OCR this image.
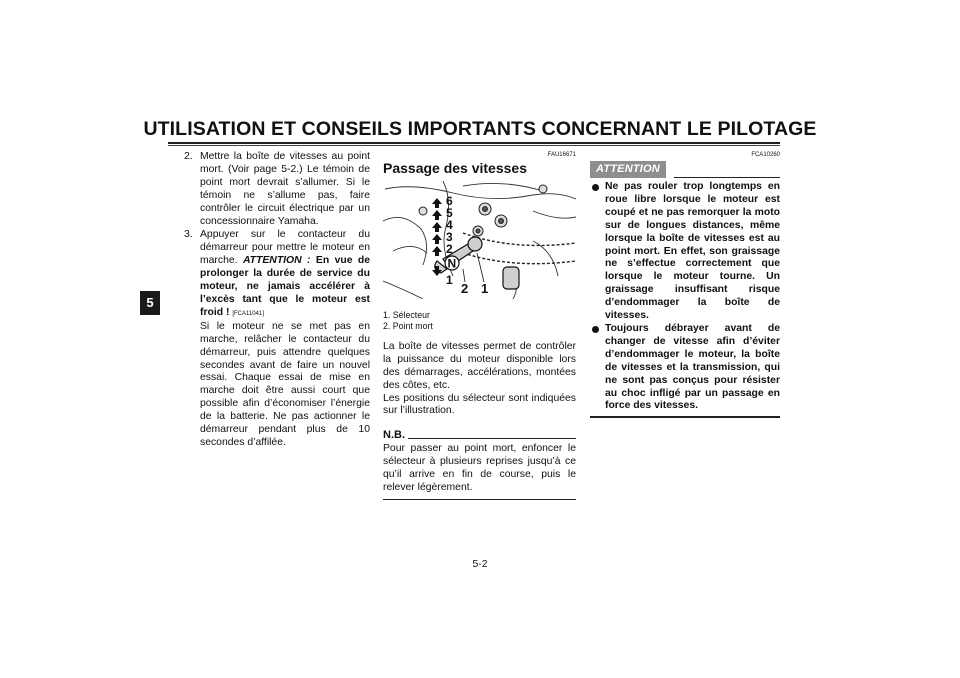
UTILISATION ET CONSEILS IMPORTANTS CONCERNANT LE PILOTAGE
5
2. Mettre la boîte de vitesses au point mort. (Voir page 5-2.) Le témoin de point mort devrait s’allumer. Si le témoin ne s’allume pas, faire contrôler le circuit électrique par un concessionnaire Yamaha.
3. Appuyer sur le contacteur du démarreur pour mettre le moteur en marche. ATTENTION : En vue de prolonger la durée de service du moteur, ne jamais accélérer à l’excès tant que le moteur est froid ! [FCA11041]
Si le moteur ne se met pas en marche, relâcher le contacteur du démarreur, puis attendre quelques secondes avant de faire un nouvel essai. Chaque essai de mise en marche doit être aussi court que possible afin d’économiser l’énergie de la batterie. Ne pas actionner le démarreur pendant plus de 10 secondes d’affilée.
FAU16671
Passage des vitesses
6
5
4
3
2
1
N
2 1
1. Sélecteur
2. Point mort
La boîte de vitesses permet de contrôler la puissance du moteur disponible lors des démarrages, accélérations, montées des côtes, etc.
Les positions du sélecteur sont indiquées sur l’illustration.
N.B.
Pour passer au point mort, enfoncer le sélecteur à plusieurs reprises jusqu’à ce qu’il arrive en fin de course, puis le relever légèrement.
FCA10260
ATTENTION
Ne pas rouler trop longtemps en roue libre lorsque le moteur est coupé et ne pas remorquer la moto sur de longues distances, même lorsque la boîte de vitesses est au point mort. En effet, son graissage ne s’effectue correctement que lorsque le moteur tourne. Un graissage insuffisant risque d’endommager la boîte de vitesses.
Toujours débrayer avant de changer de vitesse afin d’éviter d’endommager le moteur, la boîte de vitesses et la transmission, qui ne sont pas conçus pour résister au choc infligé par un passage en force des vitesses.
5-2
